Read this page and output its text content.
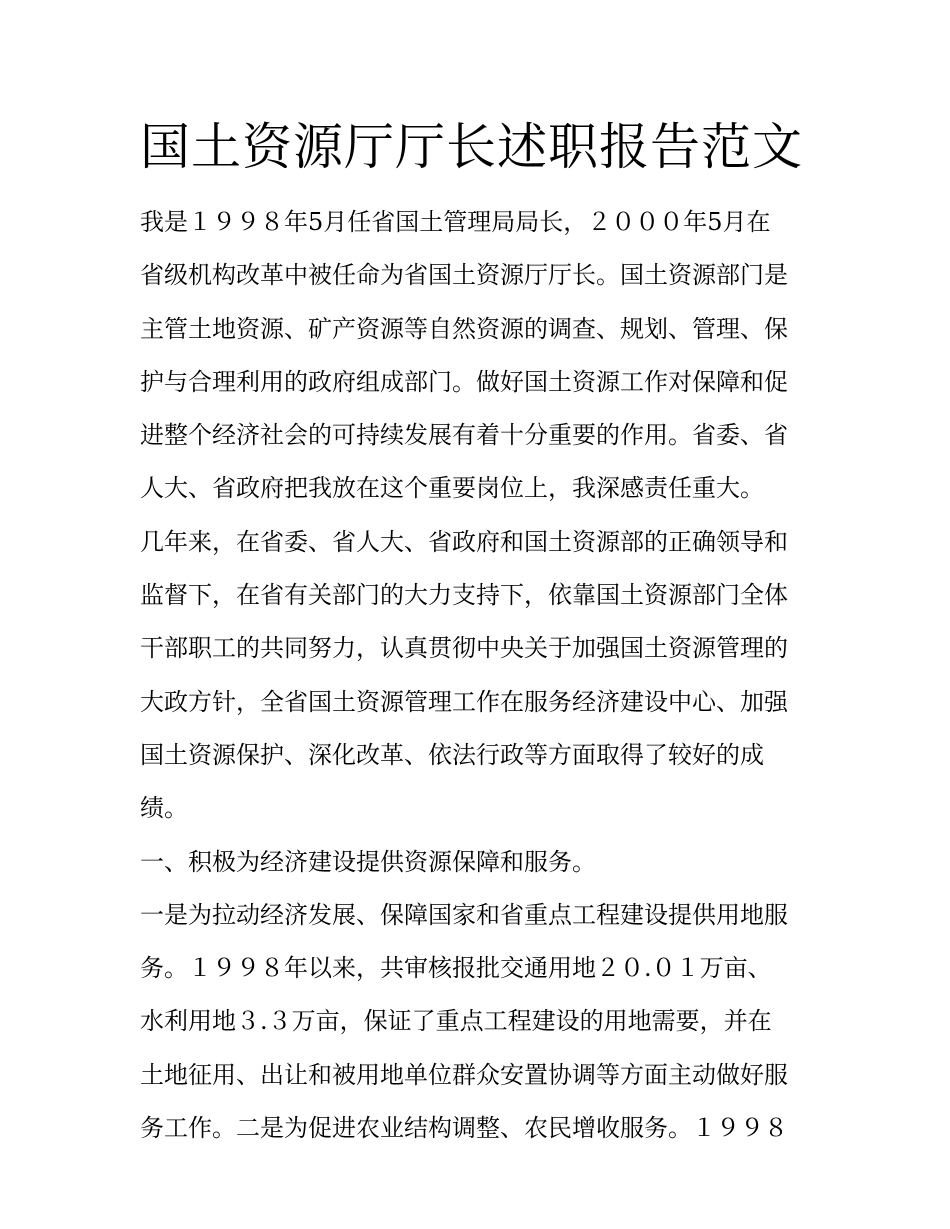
国土资源厅厅长述职报告范文

我是１９９８年5月任省国土管理局局长，２０００年5月在
省级机构改革中被任命为省国土资源厅厅长。国土资源部门是
主管土地资源、矿产资源等自然资源的调查、规划、管理、保
护与合理利用的政府组成部门。做好国土资源工作对保障和促
进整个经济社会的可持续发展有着十分重要的作用。省委、省
人大、省政府把我放在这个重要岗位上，我深感责任重大。

几年来，在省委、省人大、省政府和国土资源部的正确领导和
监督下，在省有关部门的大力支持下，依靠国土资源部门全体
干部职工的共同努力，认真贯彻中央关于加强国土资源管理的
大政方针，全省国土资源管理工作在服务经济建设中心、加强
国土资源保护、深化改革、依法行政等方面取得了较好的成
绩。

一、积极为经济建设提供资源保障和服务。

一是为拉动经济发展、保障国家和省重点工程建设提供用地服
务。１９９８年以来，共审核报批交通用地２０.０１万亩、
水利用地３.３万亩，保证了重点工程建设的用地需要，并在
土地征用、出让和被用地单位群众安置协调等方面主动做好服
务工作。二是为促进农业结构调整、农民增收服务。１９９８
